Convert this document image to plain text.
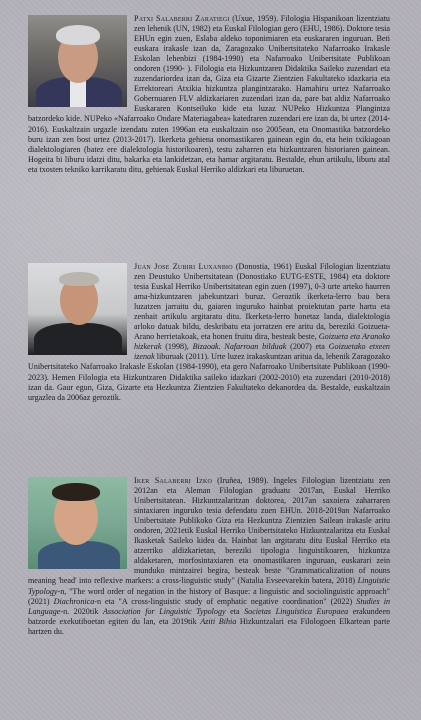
Patxi Salaberri Zaratiegi (Uxue, 1959). Filologia Hispanikoan lizentziatu zen lehenik (UN, 1982) eta Euskal Filologian gero (EHU, 1986). Doktore tesia EHUn egin zuen, Eslaba aldeko toponimiaren eta euskararen inguruan. Beti euskara irakasle izan da, Zaragozako Unibertsitateko Nafarroako Irakasle Eskolan lehenbizi (1984-1990) eta Nafarroako Unibertsitate Publikoan ondoren (1990- ). Filologia eta Hizkuntzaren Didaktika Saileko zuzendari eta zuzendariordea izan da, Giza eta Gizarte Zientzien Fakultateko idazkaria eta Errektoreari Atxikia hizkuntza plangintzarako. Hamahiru urtez Nafarroako Gobernuaren FLV aldizkariaren zuzendari izan da, pare bat aldiz Nafarroako Euskararen Kontseiluko kide eta luzaz NUPeko Hizkuntza Plangintza batzordeko kide. NUPeko «Nafarroako Ondare Materiagabea» katedraren zuzendari ere izan da, bi urtez (2014-2016). Euskaltzain urgazle izendatu zuten 1996an eta euskaltzain oso 2005ean, eta Onomastika batzordeko buru izan zen bost urtez (2013-2017). Ikerketa gehiena onomastikaren gainean egin du, eta hein txikiagoan dialektologiaren (batez ere dialektologia historikoaren), testu zaharren eta hizkuntzaren historiaren gainean. Hogeita bi liburu idatzi ditu, bakarka eta lankidetzan, eta hamar argitaratu. Bestalde, ehun artikulu, liburu atal eta txosten tekniko karrikaratu ditu, gehienak Euskal Herriko aldizkari eta liburuetan.
Juan Jose Zubiri Luxanbio (Donostia, 1961) Euskal Filologian lizentziatu zen Deustuko Unibertsitatean (Donostiako EUTG-ESTE, 1984) eta doktore tesia Euskal Herriko Unibertsitatean egin zuen (1997), 0-3 urte arteko haurren ama-hizkuntzaren jabekuntzari buruz. Geroztik ikerketa-lerro bau bera luzatzen jarraitu du, gaiaren inguruko hainbat proiektutan parte hartu eta zenbait artikulu argitaratu ditu. Ikerketa-lerro honetaz landa, dialektologia arloko datuak bildu, deskribatu eta jorratzen ere aritu da, bereziki Goizueta-Arano herrietakoak, eta honen fruitu dira, besteak beste, Goizueta eta Aranoko hizkerak (1998), Bizaoak. Nafarroan bilduak (2007) eta Goizuetako etxeen izenak liburuak (2011). Urte luzez irakaskuntzan aritua da, lehenik Zaragozako Unibertsitateko Nafarroako Irakasle Eskolan (1984-1990), eta gero Nafarroako Unibertsitate Publikoan (1990-2023). Hemen Filologia eta Hizkuntzaren Didaktika saileko idazkari (2002-2010) eta zuzendari (2010-2018) izan da. Gaur egun, Giza, Gizarte eta Hezkuntza Zientzien Fakultateko dekanordea da. Bestalde, euskaltzain urgazlea da 2006az geroztik.
Iker Salaberri Izko (Iruñea, 1989). Ingeles Filologian lizentziatu zen 2012an eta Aleman Filologian graduatu 2017an, Euskal Herriko Unibertsitatean. Hizkuntzalaritzan doktorea, 2017an saxoiera zaharraren sintaxiaren inguruko tesia defendatu zuen EHUn. 2018-2019an Nafarroako Unibertsitate Publikoko Giza eta Hezkuntza Zientzien Sailean irakasle aritu ondoren, 2021etik Euskal Herriko Unibertsitateko Hizkuntzalaritza eta Euskal Ikasketak Saileko kidea da. Hainbat lan argitaratu ditu Euskal Herriko eta atzerriko aldizkarietan, bereziki tipologia linguistikoaren, hizkuntza aldaketaren, morfosintaxiaren eta onomastikaren inguruan, euskarari zein munduko mintzairei begira, besteak beste "Grammaticalization of nouns meaning 'head' into reflexive markers: a cross-linguistic study" (Natalia Evseevarekin batera, 2018) Linguistic Typology-n, "The word order of negation in the history of Basque: a linguistic and sociolinguistic approach" (2021) Diachronica-n eta "A cross-linguistic study of emphatic negative coordination" (2022) Studies in Language-n. 2020tik Association for Linguistic Typology eta Societas Linguistica Europaea erakundeen batzorde exekutiboetan egiten du lan, eta 2019tik Aziti Bihia Hizkuntzalari eta Filologoen Elkartean parte hartzen du.
